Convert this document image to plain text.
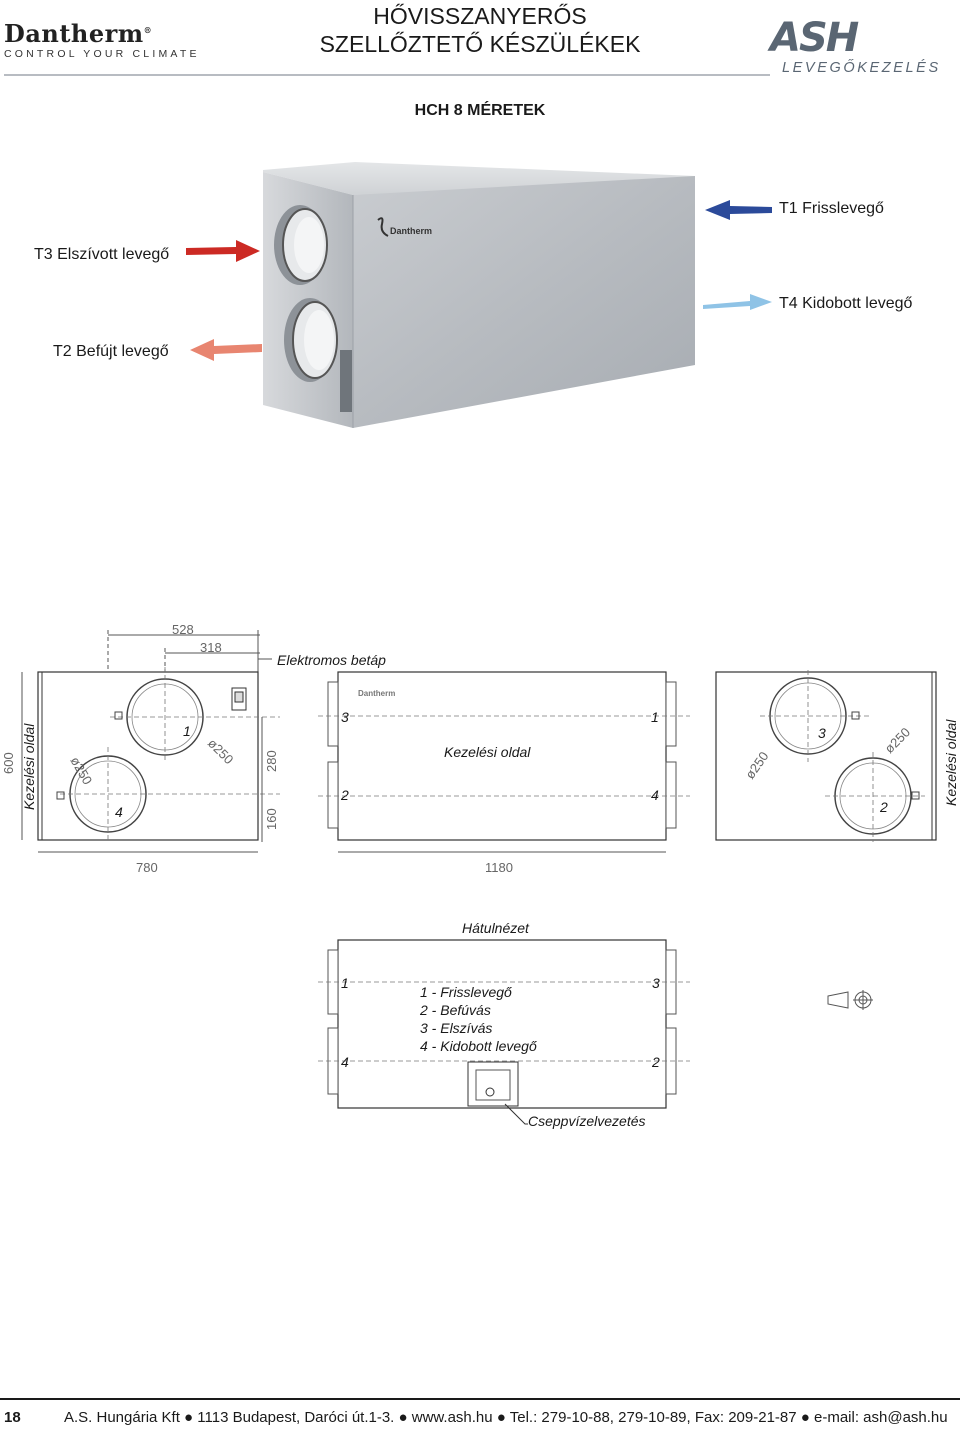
Dantherm®
CONTROL YOUR CLIMATE
HŐVISSZANYERŐS
SZELLŐZTETŐ KÉSZÜLÉKEK	ASH
LEVEGŐKEZELÉS
HCH 8 MÉRETEK
Dantherm
T1 Frisslevegő
T3 Elszívott levegő
T4 Kidobott levegő
T2 Befújt levegő
528
318
Elektromos betáp
1
4
ø250
ø250
600 Kezelési oldal	280
160
780
3	1
2	4
Kezelési oldal
Dantherm
1180
3
2
ø250
ø250 Kezelési oldal
Hátulnézet
1	3
4	2
1 - Frisslevegő
2 - Befúvás
3 - Elszívás
4 - Kidobott levegő
Cseppvízelvezetés
18	A.S. Hungária Kft ● 1113 Budapest, Daróci út.1-3. ● www.ash.hu ● Tel.: 279-10-88, 279-10-89, Fax: 209-21-87 ● e-mail: ash@ash.hu
